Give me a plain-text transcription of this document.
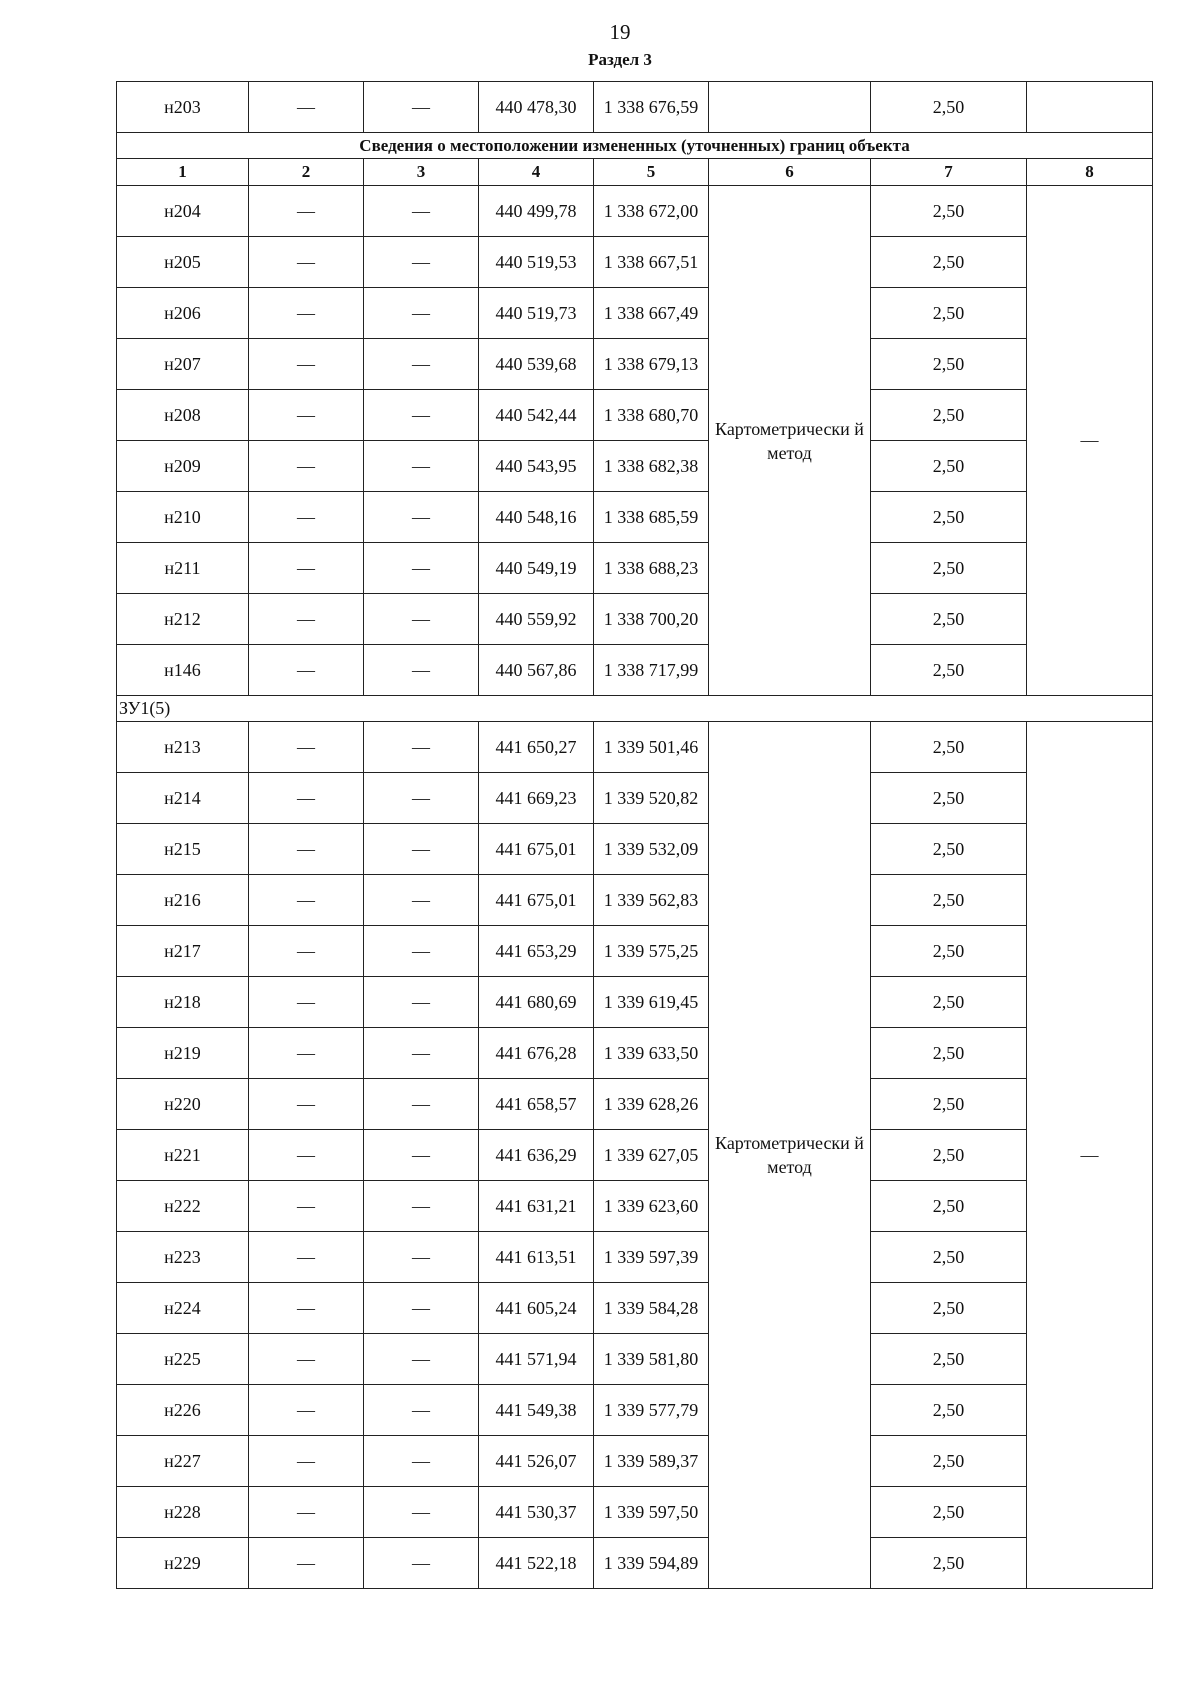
19
Раздел 3
н203	—	—	440 478,30	1 338 676,59		2,50	
Сведения о местоположении измененных (уточненных) границ объекта							
1	2	3	4	5	6	7	8
н204	—	—	440 499,78	1 338 672,00	Картометрически й метод	2,50	—
н205	—	—	440 519,53	1 338 667,51		2,50	
н206	—	—	440 519,73	1 338 667,49		2,50	
н207	—	—	440 539,68	1 338 679,13		2,50	
н208	—	—	440 542,44	1 338 680,70		2,50	
н209	—	—	440 543,95	1 338 682,38		2,50	
н210	—	—	440 548,16	1 338 685,59		2,50	
н211	—	—	440 549,19	1 338 688,23		2,50	
н212	—	—	440 559,92	1 338 700,20		2,50	
н146	—	—	440 567,86	1 338 717,99		2,50	
ЗУ1(5)							
н213	—	—	441 650,27	1 339 501,46	Картометрически й метод	2,50	—
н214	—	—	441 669,23	1 339 520,82		2,50	
н215	—	—	441 675,01	1 339 532,09		2,50	
н216	—	—	441 675,01	1 339 562,83		2,50	
н217	—	—	441 653,29	1 339 575,25		2,50	
н218	—	—	441 680,69	1 339 619,45		2,50	
н219	—	—	441 676,28	1 339 633,50		2,50	
н220	—	—	441 658,57	1 339 628,26		2,50	
н221	—	—	441 636,29	1 339 627,05		2,50	
н222	—	—	441 631,21	1 339 623,60		2,50	
н223	—	—	441 613,51	1 339 597,39		2,50	
н224	—	—	441 605,24	1 339 584,28		2,50	
н225	—	—	441 571,94	1 339 581,80		2,50	
н226	—	—	441 549,38	1 339 577,79		2,50	
н227	—	—	441 526,07	1 339 589,37		2,50	
н228	—	—	441 530,37	1 339 597,50		2,50	
н229	—	—	441 522,18	1 339 594,89		2,50	
